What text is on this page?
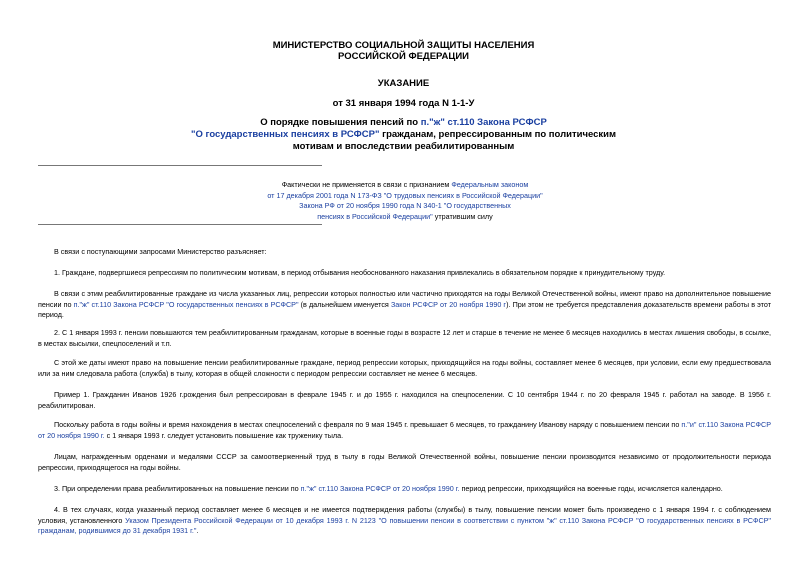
МИНИСТЕРСТВО СОЦИАЛЬНОЙ ЗАЩИТЫ НАСЕЛЕНИЯ
РОССИЙСКОЙ ФЕДЕРАЦИИ
УКАЗАНИЕ
от 31 января 1994 года N 1-1-У
О порядке повышения пенсий по п."ж" ст.110 Закона РСФСР
"О государственных пенсиях в РСФСР" гражданам, репрессированным по политическим
мотивам и впоследствии реабилитированным
Фактически не применяется в связи с признанием Федеральным законом
от 17 декабря 2001 года N 173-ФЗ "О трудовых пенсиях в Российской Федерации"
Закона РФ от 20 ноября 1990 года N 340-1 "О государственных
пенсиях в Российской Федерации" утратившим силу
В связи с поступающими запросами Министерство разъясняет:
1. Граждане, подвергшиеся репрессиям по политическим мотивам, в период отбывания необоснованного наказания привлекались в обязательном порядке к принудительному труду.
В связи с этим реабилитированные граждане из числа указанных лиц, репрессии которых полностью или частично приходятся на годы Великой Отечественной войны, имеют право на дополнительное повышение пенсии по п."ж" ст.110 Закона РСФСР "О государственных пенсиях в РСФСР" (в дальнейшем именуется Закон РСФСР от 20 ноября 1990 г). При этом не требуется представления доказательств времени работы в этот период.
2. С 1 января 1993 г. пенсии повышаются тем реабилитированным гражданам, которые в военные годы в возрасте 12 лет и старше в течение не менее 6 месяцев находились в местах лишения свободы, в ссылке, в местах высылки, спецпоселений и т.п.
С этой же даты имеют право на повышение пенсии реабилитированные граждане, период репрессии которых, приходящийся на годы войны, составляет менее 6 месяцев, при условии, если ему предшествовала или за ним следовала работа (служба) в тылу, которая в общей сложности с периодом репрессии составляет не менее 6 месяцев.
Пример 1. Гражданин Иванов 1926 г.рождения был репрессирован в феврале 1945 г. и до 1955 г. находился на спецпоселении. С 10 сентября 1944 г. по 20 февраля 1945 г. работал на заводе. В 1956 г. реабилитирован.
Поскольку работа в годы войны и время нахождения в местах спецпоселений с февраля по 9 мая 1945 г. превышает 6 месяцев, то гражданину Иванову наряду с повышением пенсии по п."и" ст.110 Закона РСФСР от 20 ноября 1990 г. с 1 января 1993 г. следует установить повышение как труженику тыла.
Лицам, награжденным орденами и медалями СССР за самоотверженный труд в тылу в годы Великой Отечественной войны, повышение пенсии производится независимо от продолжительности периода репрессии, приходящегося на годы войны.
3. При определении права реабилитированных на повышение пенсии по п."ж" ст.110 Закона РСФСР от 20 ноября 1990 г. период репрессии, приходящийся на военные годы, исчисляется календарно.
4. В тех случаях, когда указанный период составляет менее 6 месяцев и не имеется подтверждения работы (службы) в тылу, повышение пенсии может быть произведено с 1 января 1994 г. с соблюдением условия, установленного Указом Президента Российской Федерации от 10 декабря 1993 г. N 2123 "О повышении пенсии в соответствии с пунктом "ж" ст.110 Закона РСФСР "О государственных пенсиях в РСФСР" гражданам, родившимся до 31 декабря 1931 г.".
